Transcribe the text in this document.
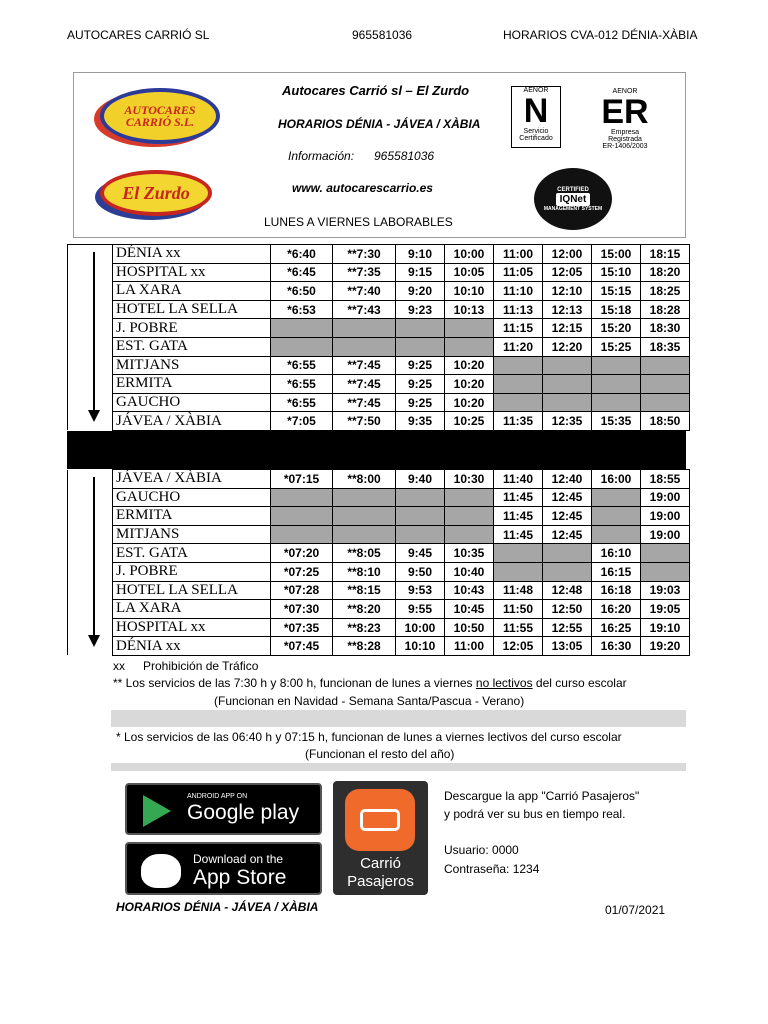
AUTOCARES CARRIÓ SL	965581036	HORARIOS CVA-012 DÉNIA-XÀBIA
AUTOCARES CARRIÓ S.L.
El Zurdo
Autocares Carrió sl – El Zurdo
HORARIOS DÉNIA - JÁVEA / XÀBIA
Información: 965581036
www. autocarescarrio.es
LUNES A VIERNES LABORABLES
AENOR
N
Servicio Certificado
AENOR
ER
Empresa Registrada
ER-1406/2003
CERTIFIED
IQNet
MANAGEMENT SYSTEM
	DÉNIA xx	*6:40	**7:30	9:10	10:00	11:00	12:00	15:00	18:15
	HOSPITAL xx	*6:45	**7:35	9:15	10:05	11:05	12:05	15:10	18:20
	LA XARA	*6:50	**7:40	9:20	10:10	11:10	12:10	15:15	18:25
	HOTEL LA SELLA	*6:53	**7:43	9:23	10:13	11:13	12:13	15:18	18:28
	J. POBRE					11:15	12:15	15:20	18:30
	EST. GATA					11:20	12:20	15:25	18:35
	MITJANS	*6:55	**7:45	9:25	10:20				
	ERMITA	*6:55	**7:45	9:25	10:20				
	GAUCHO	*6:55	**7:45	9:25	10:20				
	JÁVEA / XÀBIA	*7:05	**7:50	9:35	10:25	11:35	12:35	15:35	18:50
	JÁVEA / XÀBIA	*07:15	**8:00	9:40	10:30	11:40	12:40	16:00	18:55
	GAUCHO					11:45	12:45		19:00
	ERMITA					11:45	12:45		19:00
	MITJANS					11:45	12:45		19:00
	EST. GATA	*07:20	**8:05	9:45	10:35			16:10	
	J. POBRE	*07:25	**8:10	9:50	10:40			16:15	
	HOTEL LA SELLA	*07:28	**8:15	9:53	10:43	11:48	12:48	16:18	19:03
	LA XARA	*07:30	**8:20	9:55	10:45	11:50	12:50	16:20	19:05
	HOSPITAL xx	*07:35	**8:23	10:00	10:50	11:55	12:55	16:25	19:10
	DÉNIA xx	*07:45	**8:28	10:10	11:00	12:05	13:05	16:30	19:20
xx Prohibición de Tráfico
** Los servicios de las 7:30 h y 8:00 h, funcionan de lunes a viernes no lectivos del curso escolar
(Funcionan en Navidad - Semana Santa/Pascua - Verano)
* Los servicios de las 06:40 h y 07:15 h, funcionan de lunes a viernes lectivos del curso escolar
(Funcionan el resto del año)
ANDROID APP ON
Google play
Download on the
App Store
Carrió
Pasajeros
Descargue la app "Carrió Pasajeros"
y podrá ver su bus en tiempo real.
Usuario: 0000
Contraseña: 1234
HORARIOS DÉNIA - JÁVEA / XÀBIA	01/07/2021
